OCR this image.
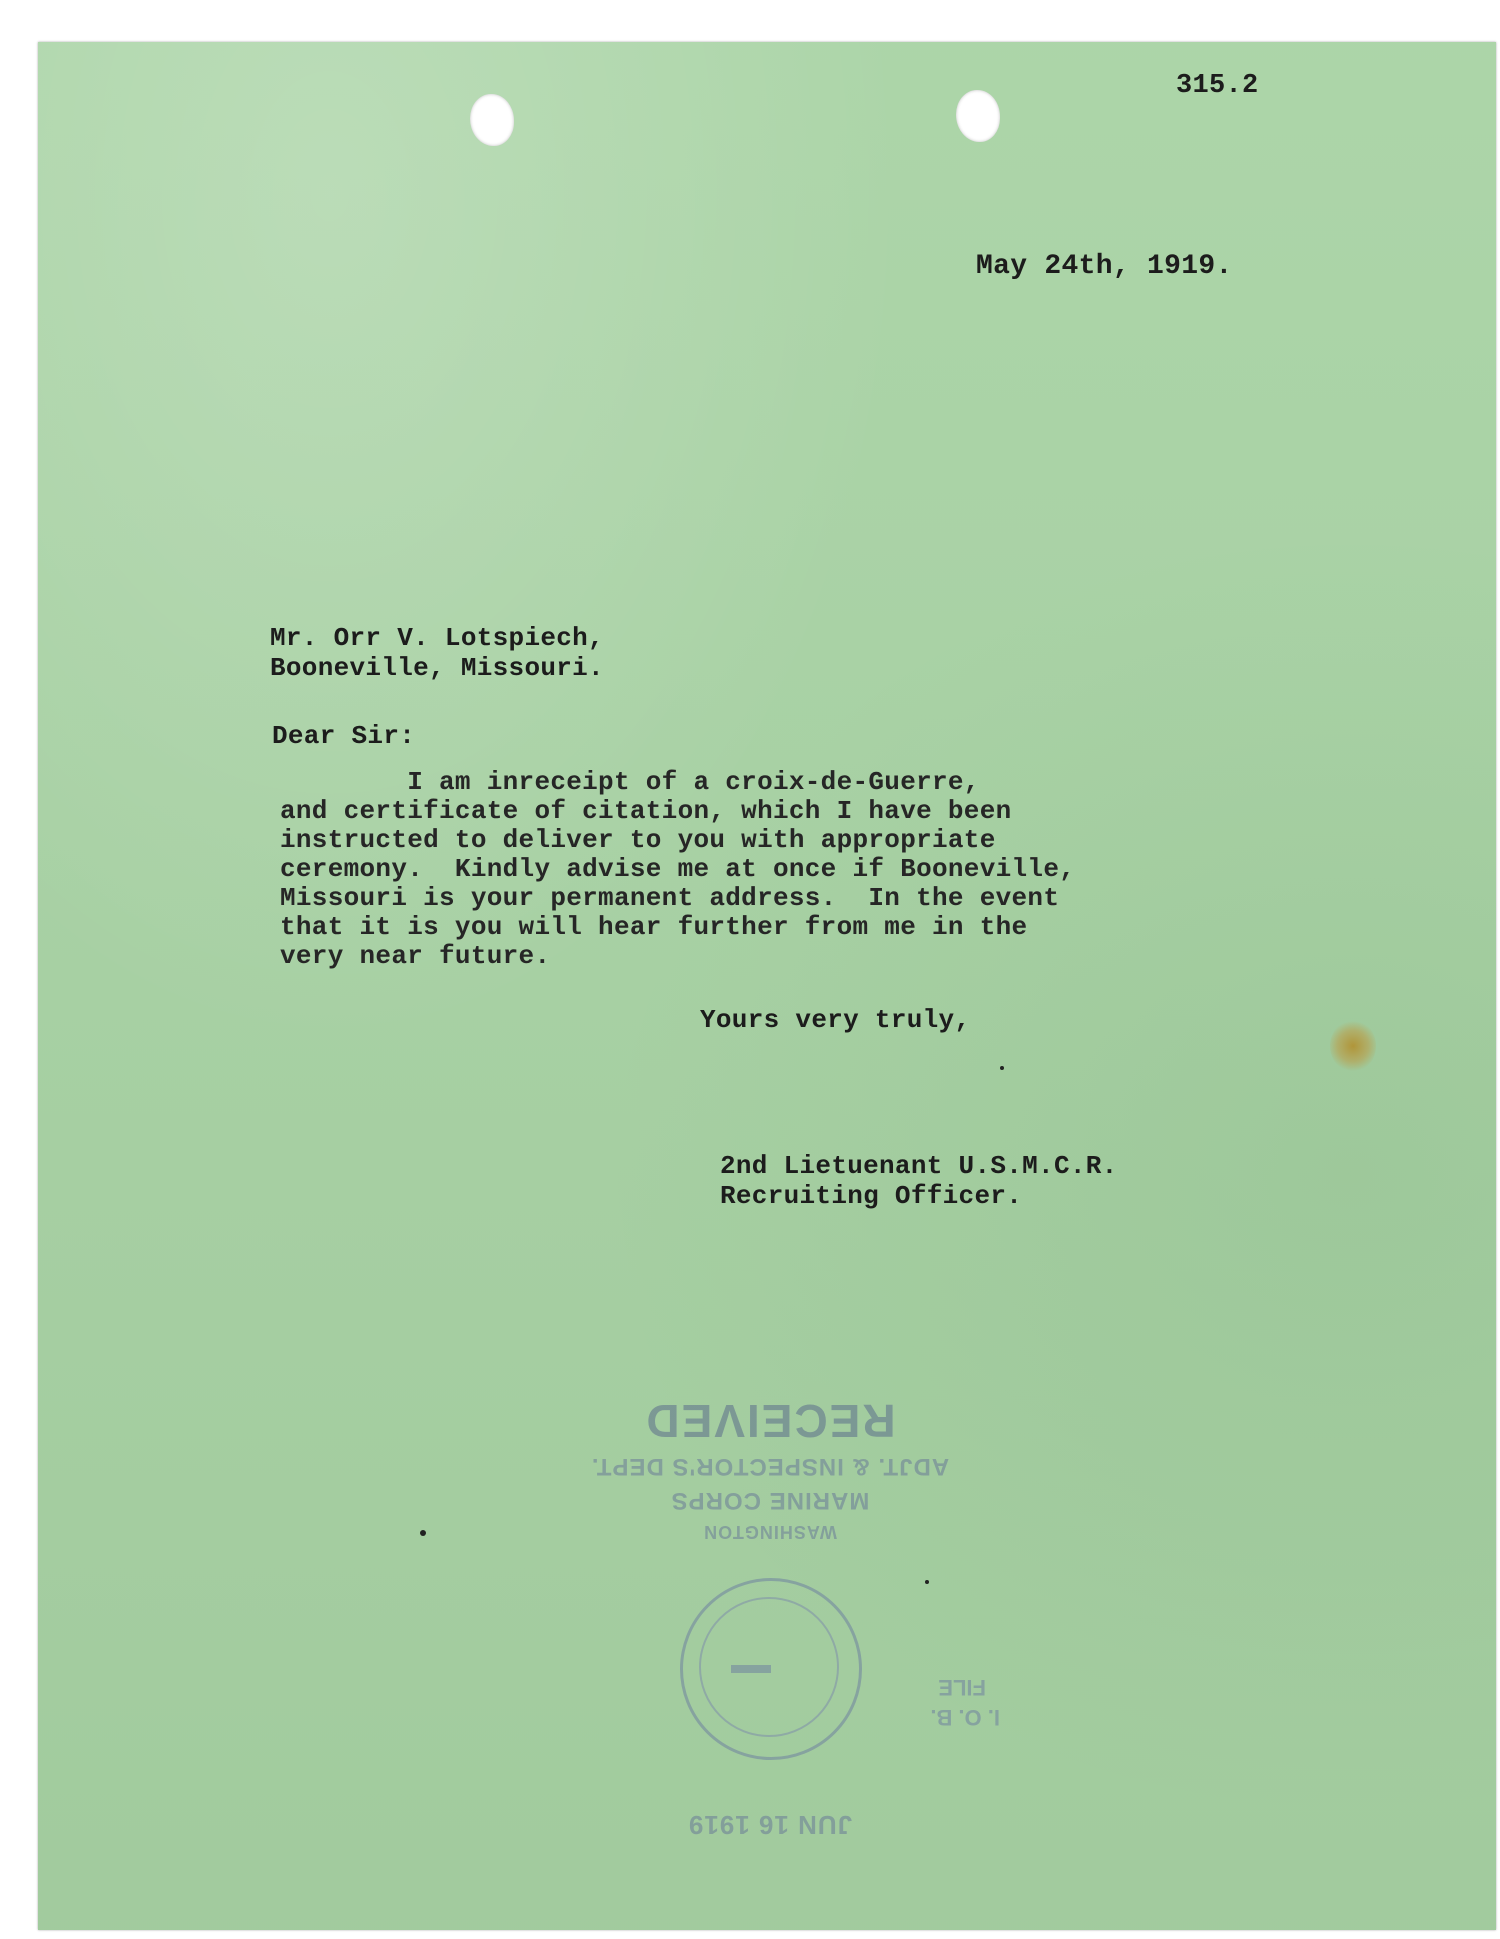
315.2
May 24th, 1919.
Mr. Orr V. Lotspiech,
Booneville, Missouri.
Dear Sir:
I am inreceipt of a croix-de-Guerre,
and certificate of citation, which I have been
instructed to deliver to you with appropriate
ceremony.  Kindly advise me at once if Booneville,
Missouri is your permanent address.  In the event
that it is you will hear further from me in the
very near future.
Yours very truly,
2nd Lietuenant U.S.M.C.R.
Recruiting Officer.
ADJT. & INSPECTOR'S DEPT.
MARINE CORPS
WASHINGTON
JUN 16 1919
RECEIVED
I. O. B.
FILE
